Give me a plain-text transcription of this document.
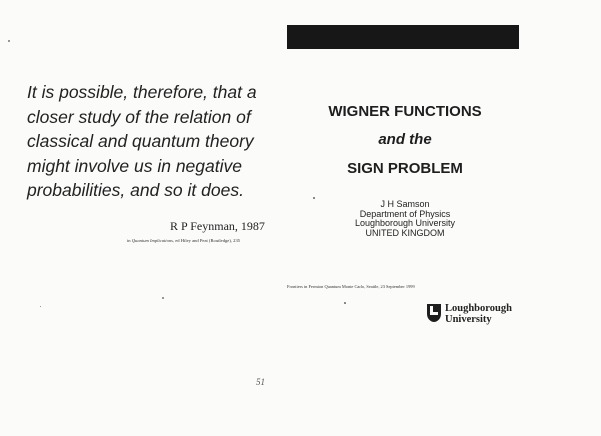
It is possible, therefore, that a
closer study of the relation of
classical and quantum theory
might involve us in negative
probabilities, and so it does.
R P Feynman, 1987
in Quantum Implications, ed Hiley and Peat (Routledge), 235
51
WIGNER FUNCTIONS
and the
SIGN PROBLEM
J H Samson
Department of Physics
Loughborough University
UNITED KINGDOM
Frontiers in Fermion Quantum Monte Carlo, Seattle, 23 September 1999
Loughborough
University
